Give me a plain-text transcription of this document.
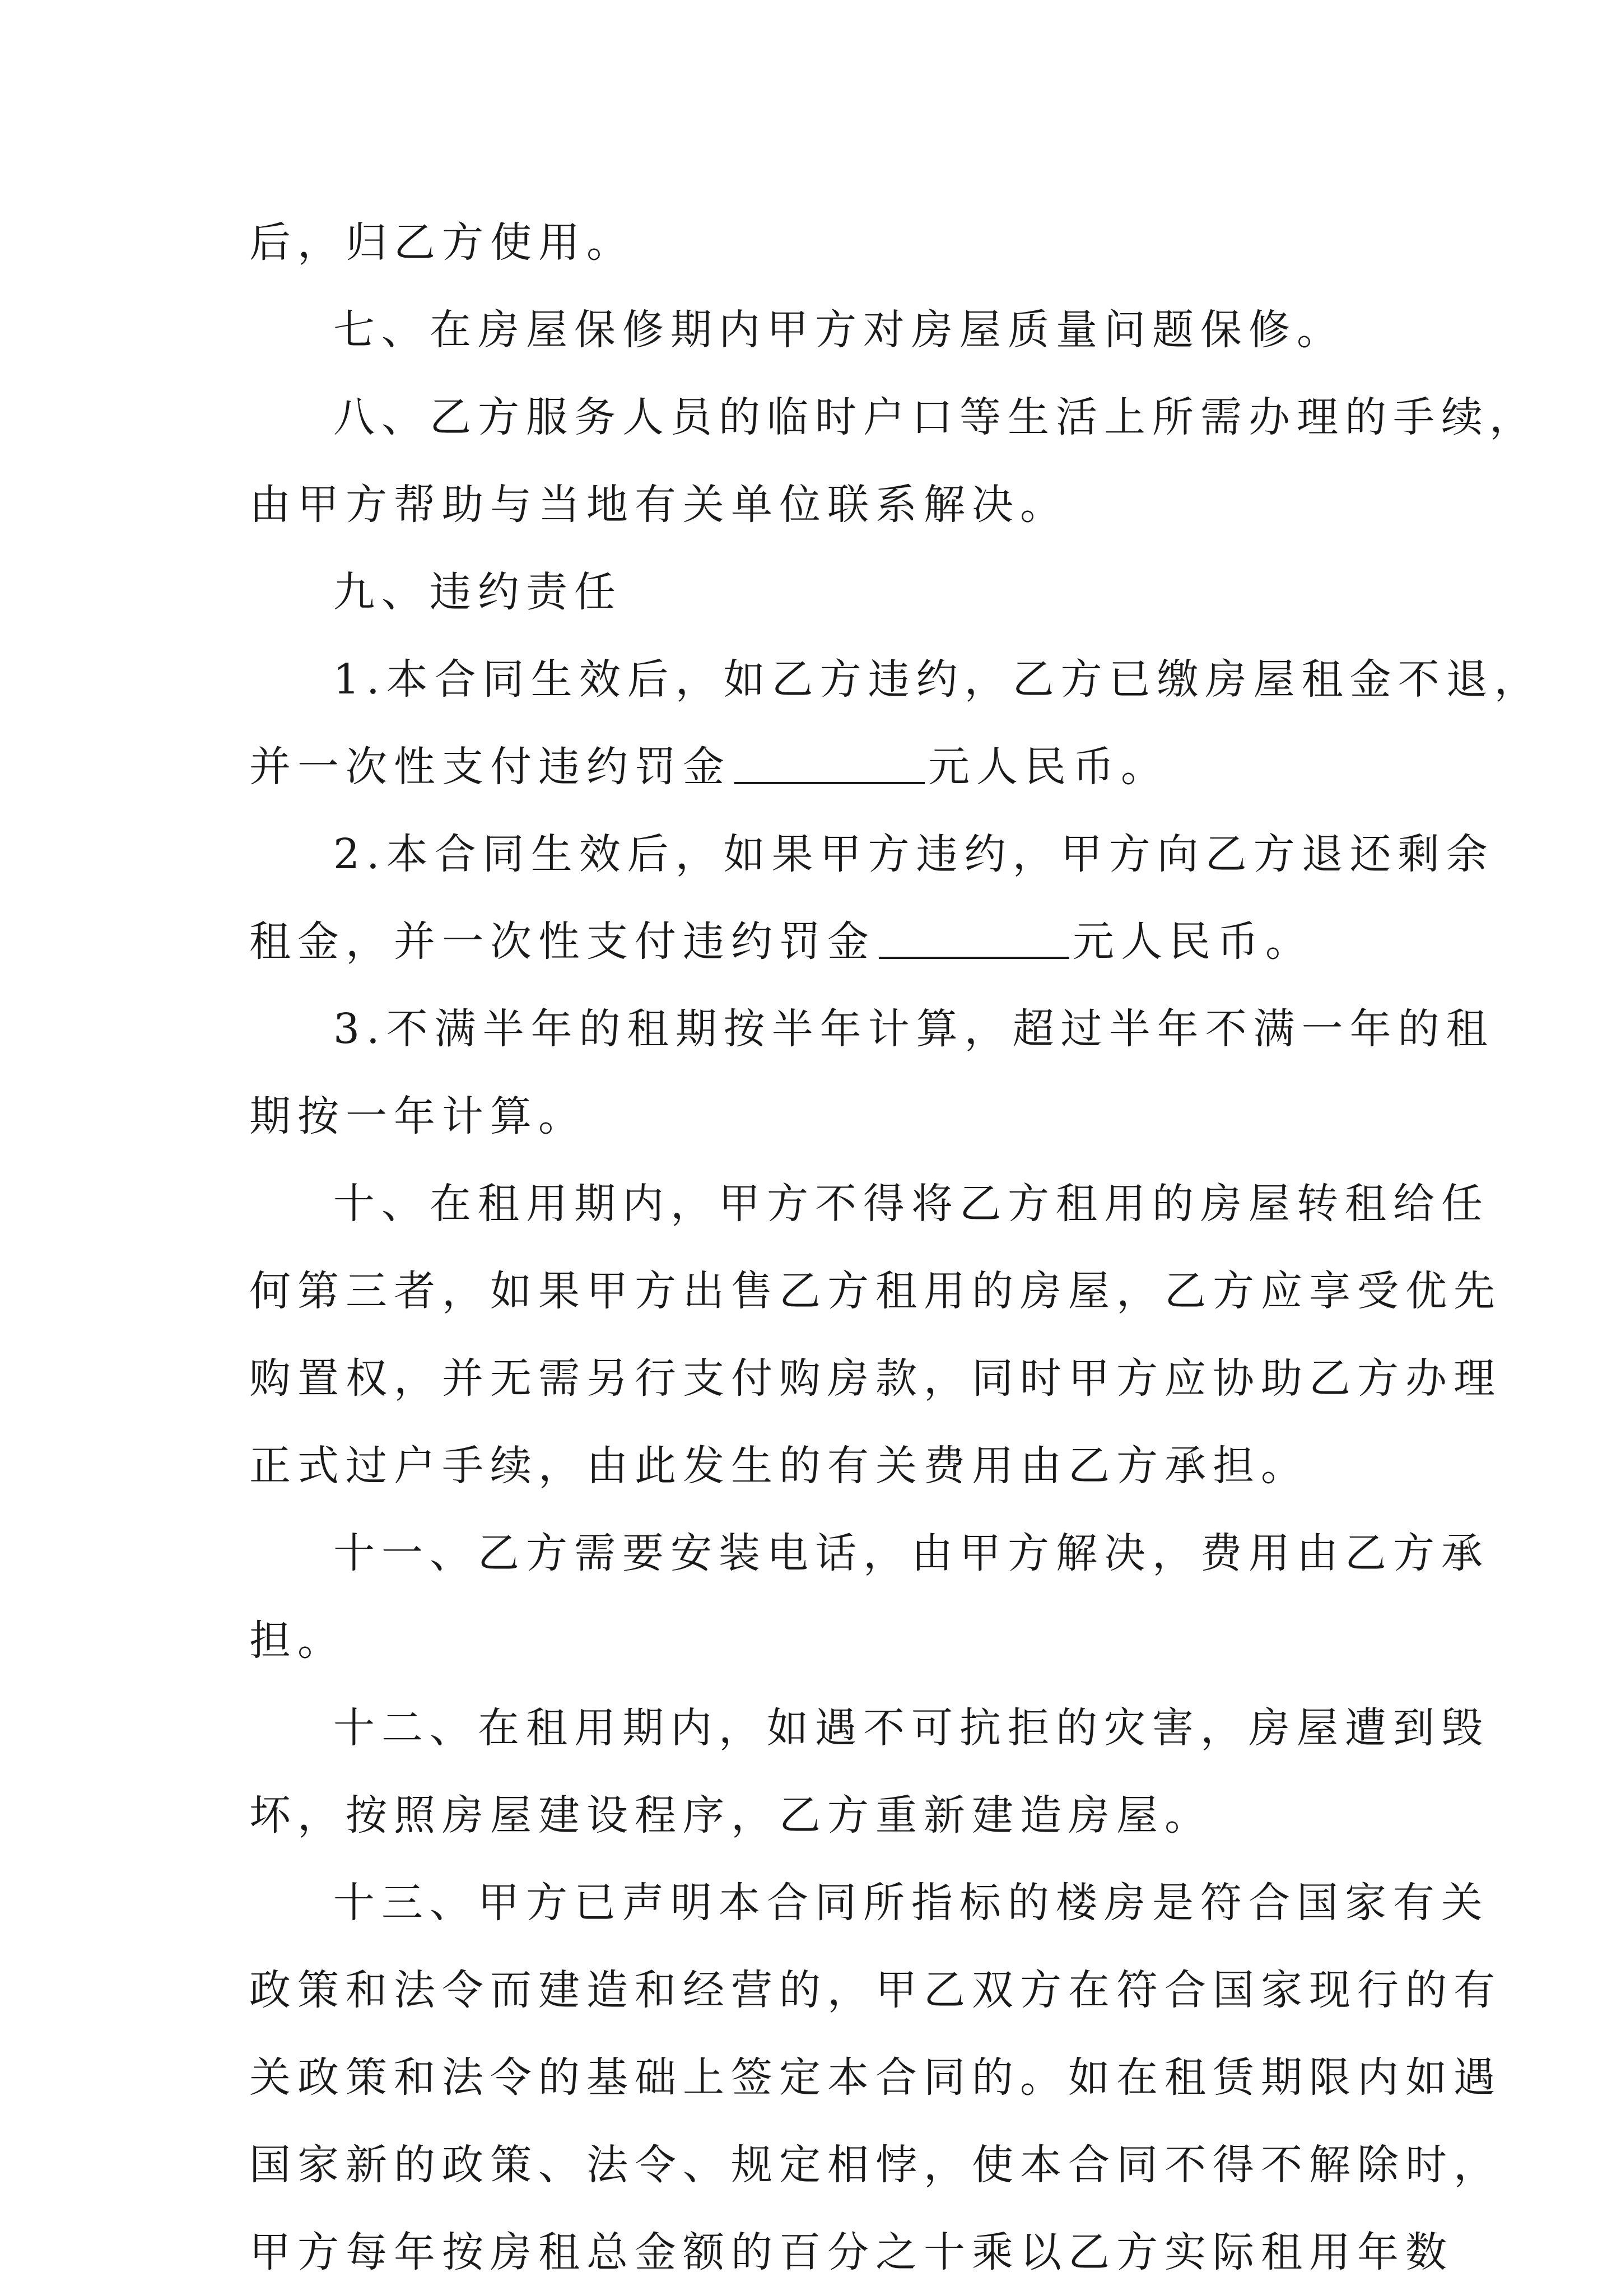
后，归乙方使用。
七、在房屋保修期内甲方对房屋质量问题保修。
八、乙方服务人员的临时户口等生活上所需办理的手续，
由甲方帮助与当地有关单位联系解决。
九、违约责任
1.本合同生效后，如乙方违约，乙方已缴房屋租金不退，
并一次性支付违约罚金	元人民币。
2.本合同生效后，如果甲方违约，甲方向乙方退还剩余
租金，并一次性支付违约罚金	元人民币。
3.不满半年的租期按半年计算，超过半年不满一年的租
期按一年计算。
十、在租用期内，甲方不得将乙方租用的房屋转租给任
何第三者，如果甲方出售乙方租用的房屋，乙方应享受优先
购置权，并无需另行支付购房款，同时甲方应协助乙方办理
正式过户手续，由此发生的有关费用由乙方承担。
十一、乙方需要安装电话，由甲方解决，费用由乙方承
担。
十二、在租用期内，如遇不可抗拒的灾害，房屋遭到毁
坏，按照房屋建设程序，乙方重新建造房屋。
十三、甲方已声明本合同所指标的楼房是符合国家有关
政策和法令而建造和经营的，甲乙双方在符合国家现行的有
关政策和法令的基础上签定本合同的。如在租赁期限内如遇
国家新的政策、法令、规定相悖，使本合同不得不解除时，
甲方每年按房租总金额的百分之十乘以乙方实际租用年数
